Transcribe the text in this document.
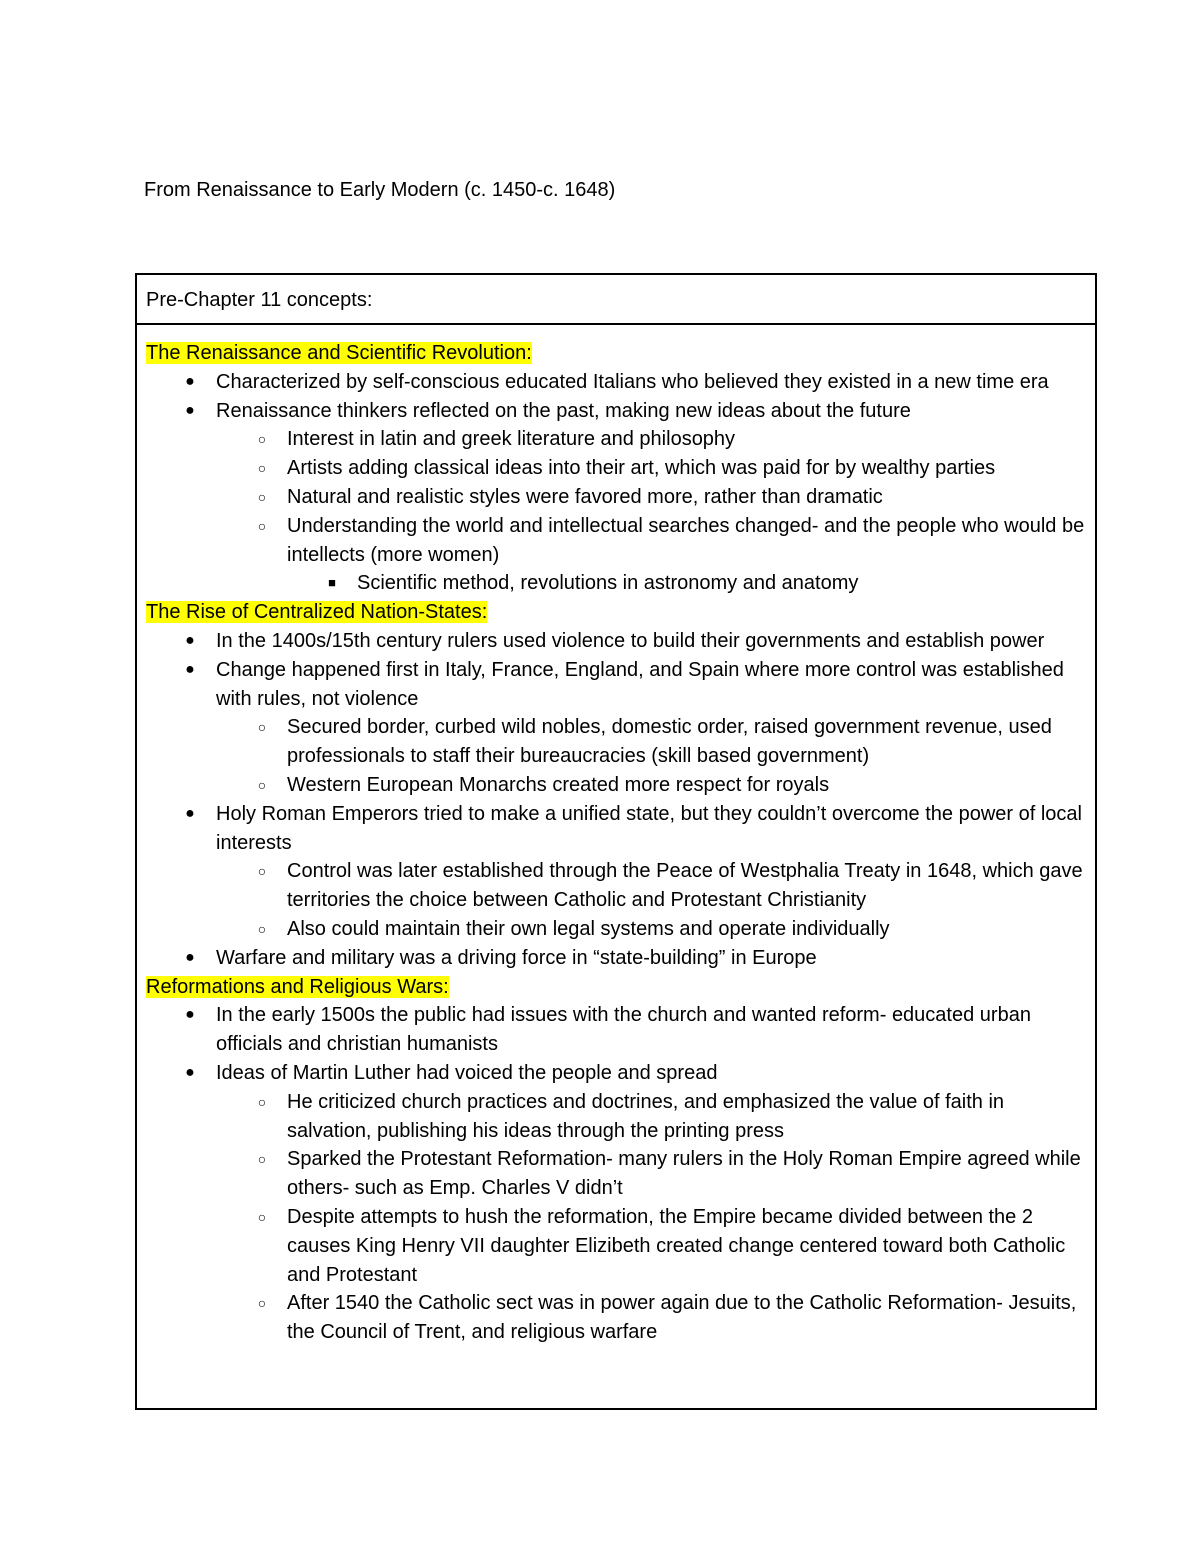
From Renaissance to Early Modern (c. 1450-c. 1648)
Pre-Chapter 11 concepts:
The Renaissance and Scientific Revolution:
● Characterized by self-conscious educated Italians who believed they existed in a new time era
● Renaissance thinkers reflected on the past, making new ideas about the future
○ Interest in latin and greek literature and philosophy
○ Artists adding classical ideas into their art, which was paid for by wealthy parties
○ Natural and realistic styles were favored more, rather than dramatic
○ Understanding the world and intellectual searches changed- and the people who would be intellects (more women)
■	Scientific method, revolutions in astronomy and anatomy
The Rise of Centralized Nation-States:
● In the 1400s/15th century rulers used violence to build their governments and establish power
● Change happened first in Italy, France, England, and Spain where more control was established with rules, not violence
○ Secured border, curbed wild nobles, domestic order, raised government revenue, used professionals to staff their bureaucracies (skill based government)
○ Western European Monarchs created more respect for royals
● Holy Roman Emperors tried to make a unified state, but they couldn’t overcome the power of local interests
○ Control was later established through the Peace of Westphalia Treaty in 1648, which gave territories the choice between Catholic and Protestant Christianity
○ Also could maintain their own legal systems and operate individually
● Warfare and military was a driving force in “state-building” in Europe
Reformations and Religious Wars:
● In the early 1500s the public had issues with the church and wanted reform- educated urban officials and christian humanists
● Ideas of Martin Luther had voiced the people and spread
○ He criticized church practices and doctrines, and emphasized the value of faith in salvation, publishing his ideas through the printing press
○ Sparked the Protestant Reformation- many rulers in the Holy Roman Empire agreed while others- such as Emp. Charles V didn’t
○ Despite attempts to hush the reformation, the Empire became divided between the 2 causes King Henry VII daughter Elizibeth created change centered toward both Catholic and Protestant
○ After 1540 the Catholic sect was in power again due to the Catholic Reformation- Jesuits, the Council of Trent, and religious warfare
